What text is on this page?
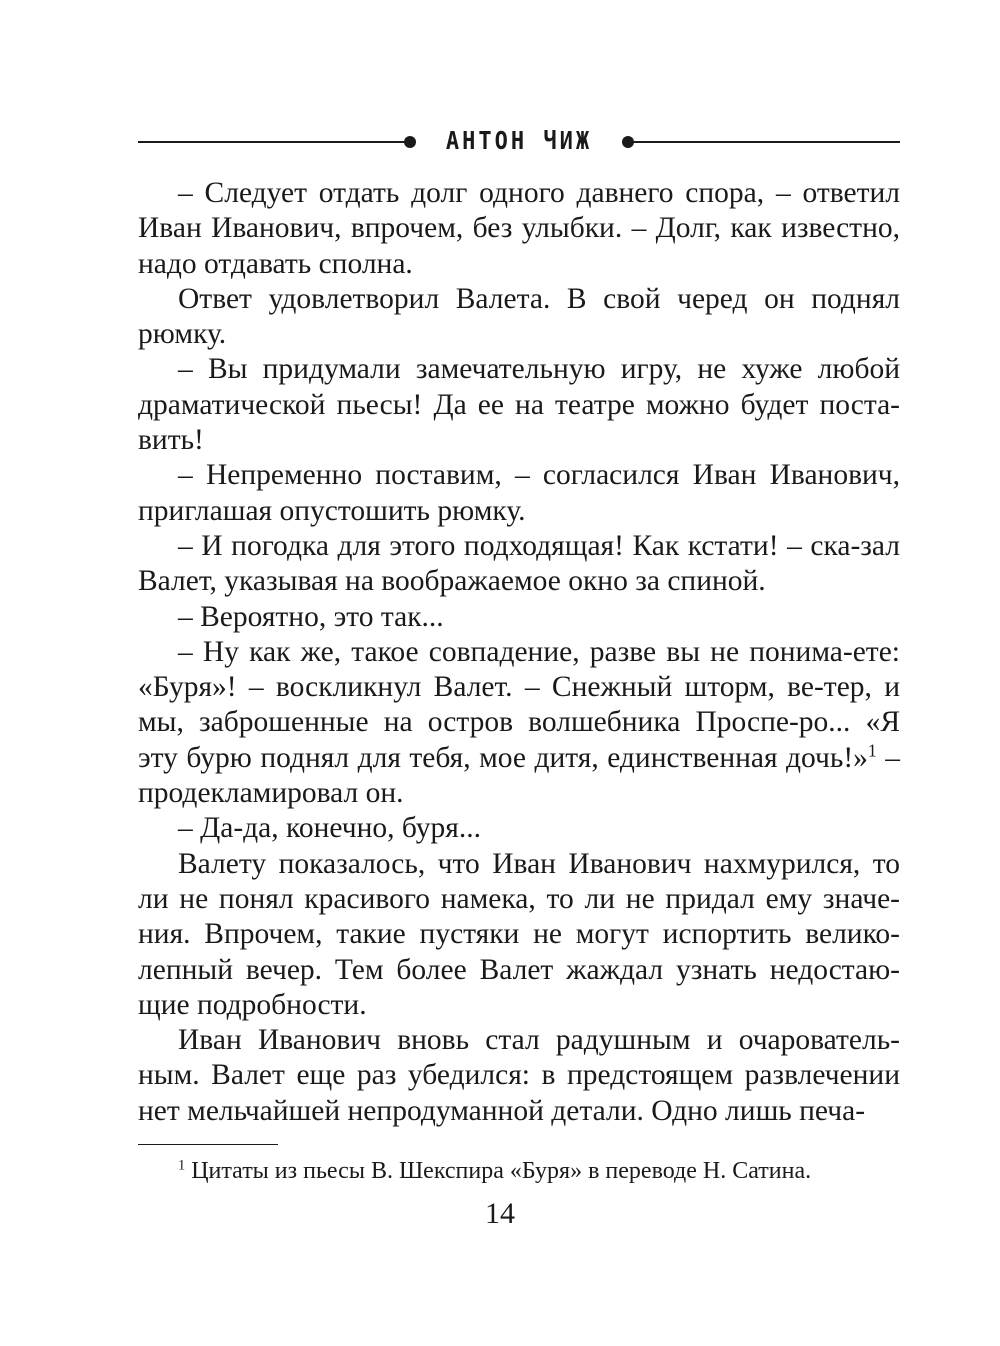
АНТОН ЧИЖ

– Следует отдать долг одного давнего спора, – ответил Иван Иванович, впрочем, без улыбки. – Долг, как известно, надо отдавать сполна.

Ответ удовлетворил Валета. В свой черед он поднял рюмку.

– Вы придумали замечательную игру, не хуже любой драматической пьесы! Да ее на театре можно будет поста-вить!

– Непременно поставим, – согласился Иван Иванович, приглашая опустошить рюмку.

– И погодка для этого подходящая! Как кстати! – ска-зал Валет, указывая на воображаемое окно за спиной.

– Вероятно, это так...

– Ну как же, такое совпадение, разве вы не понима-ете: «Буря»! – воскликнул Валет. – Снежный шторм, ве-тер, и мы, заброшенные на остров волшебника Проспе-ро... «Я эту бурю поднял для тебя, мое дитя, единственная дочь!»$^1$ – продекламировал он.

– Да-да, конечно, буря...

Валету показалось, что Иван Иванович нахмурился, то ли не понял красивого намека, то ли не придал ему значе-ния. Впрочем, такие пустяки не могут испортить велико-лепный вечер. Тем более Валет жаждал узнать недостаю-щие подробности.

Иван Иванович вновь стал радушным и очарователь-ным. Валет еще раз убедился: в предстоящем развлечении нет мельчайшей непродуманной детали. Одно лишь печа-

$^1$ Цитаты из пьесы В. Шекспира «Буря» в переводе Н. Сатина.
14
